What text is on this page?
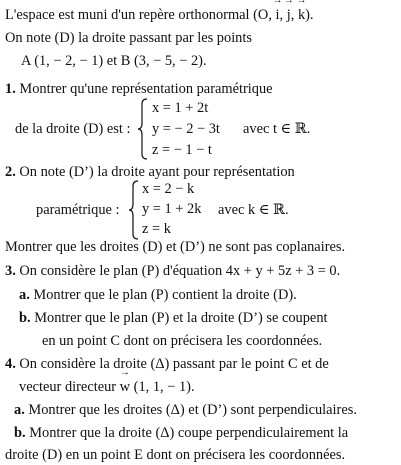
L'espace est muni d'un repère orthonormal (O, → i, → j, → k).
On note (D) la droite passant par les points
A (1, − 2, − 1) et B (3, − 5, − 2).
1. Montrer qu'une représentation paramétrique
de la droite (D) est :
x = 1 + 2t
y = − 2 − 3t
z = − 1 − t
avec t ∈ ℝ.
2. On note (D’) la droite ayant pour représentation
paramétrique :
x = 2 − k
y = 1 + 2k
z = k
avec k ∈ ℝ.
Montrer que les droites (D) et (D’) ne sont pas coplanaires.
3. On considère le plan (P) d'équation 4x + y + 5z + 3 = 0.
a. Montrer que le plan (P) contient la droite (D).
b. Montrer que le plan (P) et la droite (D’) se coupent
en un point C dont on précisera les coordonnées.
4. On considère la droite (Δ) passant par le point C et de
vecteur directeur → w (1, 1, − 1).
a. Montrer que les droites (Δ) et (D’) sont perpendiculaires.
b. Montrer que la droite (Δ) coupe perpendiculairement la
droite (D) en un point E dont on précisera les coordonnées.
